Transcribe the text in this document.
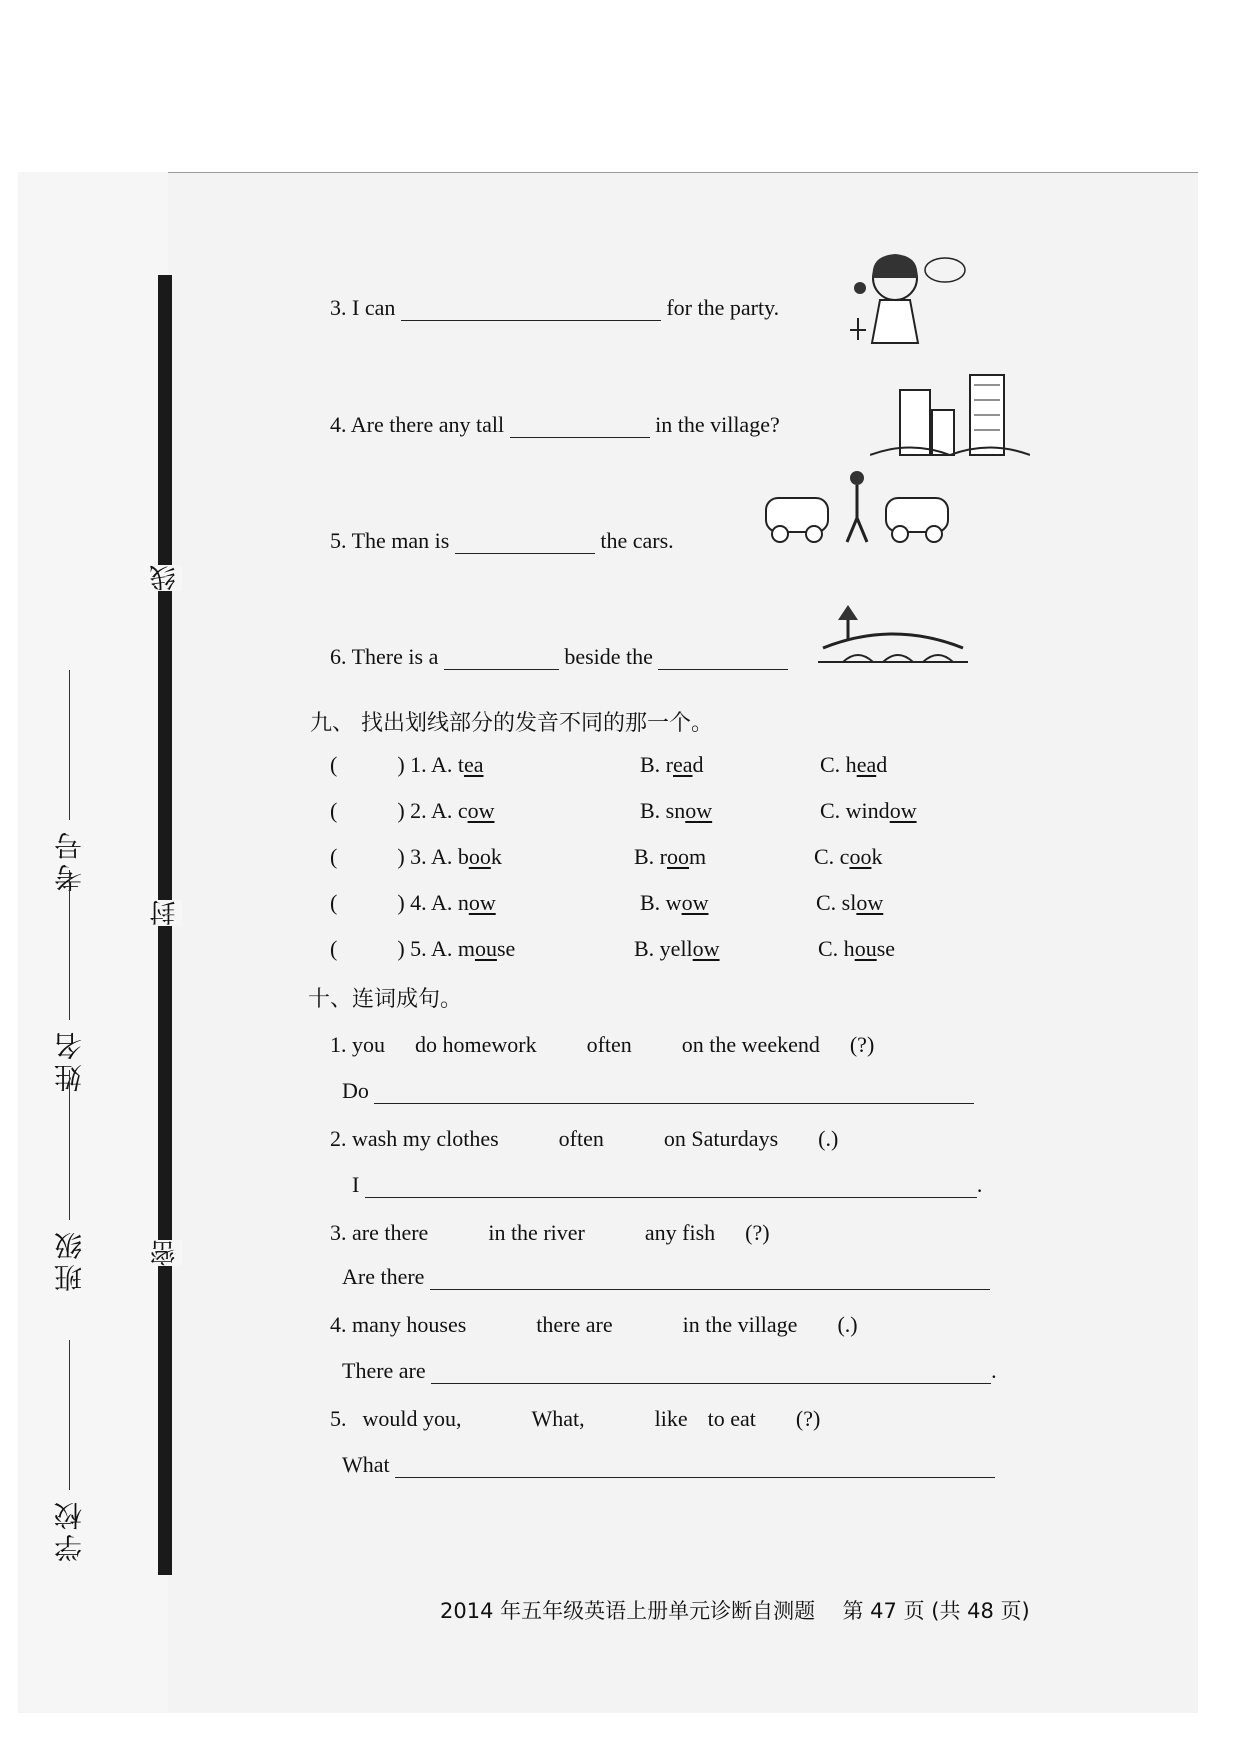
线
封
密
考号
姓名
班级
学校
3. I can	for the party.
4. Are there any tall	in the village?
5. The man is	the cars.
6. There is a	beside the
九、 找出划线部分的发音不同的那一个。
(	) 1. A. tea	B. read	C. head
(	) 2. A. cow	B. snow	C. window
(	) 3. A. book	B. room	C. cook
(	) 4. A. now	B. wow	C. slow
(	) 5. A. mouse	B. yellow	C. house
十、连词成句。
1. you do homework often on the weekend (?)
Do
2. wash my clothes	often	on Saturdays (.)
I	.
3. are there	in the river	any fish (?)
Are there
4. many houses	there are	in the village (.)
There are	.
5. would you,	What,	like to eat (?)
What
2014 年五年级英语上册单元诊断自测题 第 47 页 (共 48 页)
